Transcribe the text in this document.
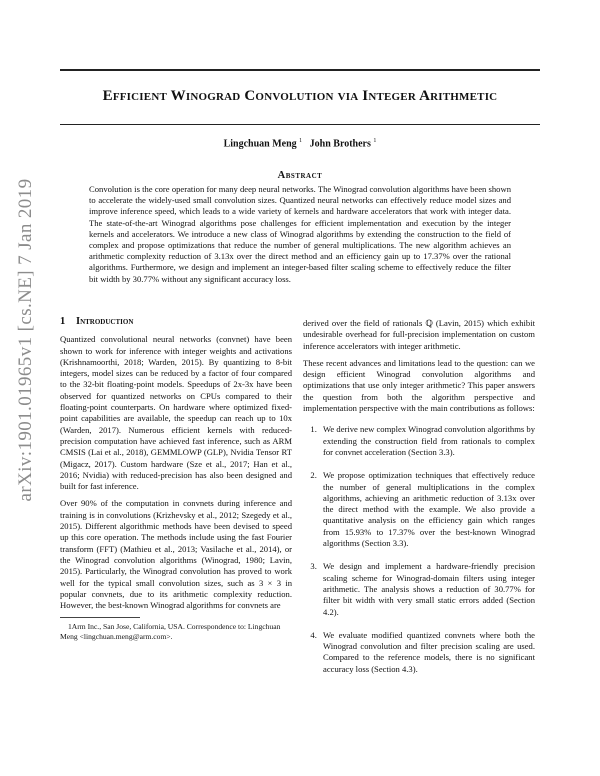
Efficient Winograd Convolution via Integer Arithmetic
arXiv:1901.01965v1 [cs.NE] 7 Jan 2019

Lingchuan Meng $^1$ John Brothers $^1$

Abstract

Convolution is the core operation for many deep neural networks. The Winograd convolution algorithms have been shown to accelerate the widely-used small convolution sizes. Quantized neural networks can effectively reduce model sizes and improve inference speed, which leads to a wide variety of kernels and hardware accelerators that work with integer data. The state-of-the-art Winograd algorithms pose challenges for efficient implementation and execution by the integer kernels and accelerators. We introduce a new class of Winograd algorithms by extending the construction to the field of complex and propose optimizations that reduce the number of general multiplications. The new algorithm achieves an arithmetic complexity reduction of 3.13x over the direct method and an efficiency gain up to 17.37% over the rational algorithms. Furthermore, we design and implement an integer-based filter scaling scheme to effectively reduce the filter bit width by 30.77% without any significant accuracy loss.

1 Introduction

Quantized convolutional neural networks (convnet) have been shown to work for inference with integer weights and activations (Krishnamoorthi, 2018; Warden, 2015). By quantizing to 8-bit integers, model sizes can be reduced by a factor of four compared to the 32-bit floating-point models. Speedups of 2x-3x have been observed for quantized networks on CPUs compared to their floating-point counterparts. On hardware where optimized fixed-point capabilities are available, the speedup can reach up to 10x (Warden, 2017). Numerous efficient kernels with reduced-precision computation have achieved fast inference, such as ARM CMSIS (Lai et al., 2018), GEMMLOWP (GLP), Nvidia Tensor RT (Migacz, 2017). Custom hardware (Sze et al., 2017; Han et al., 2016; Nvidia) with reduced-precision has also been designed and built for fast inference.

Over 90% of the computation in convnets during inference and training is in convolutions (Krizhevsky et al., 2012; Szegedy et al., 2015). Different algorithmic methods have been devised to speed up this core operation. The methods include using the fast Fourier transform (FFT) (Mathieu et al., 2013; Vasilache et al., 2014), or the Winograd convolution algorithms (Winograd, 1980; Lavin, 2015). Particularly, the Winograd convolution has proved to work well for the typical small convolution sizes, such as 3 × 3 in popular convnets, due to its arithmetic complexity reduction. However, the best-known Winograd algorithms for convnets are

1Arm Inc., San Jose, California, USA. Correspondence to: Lingchuan Meng <lingchuan.meng@arm.com>.

derived over the field of rationals ℚ (Lavin, 2015) which exhibit undesirable overhead for full-precision implementation on custom inference accelerators with integer arithmetic.

These recent advances and limitations lead to the question: can we design efficient Winograd convolution algorithms and optimizations that use only integer arithmetic? This paper answers the question from both the algorithm perspective and implementation perspective with the main contributions as follows:

1. We derive new complex Winograd convolution algorithms by extending the construction field from rationals to complex for convnet acceleration (Section 3.3).
2. We propose optimization techniques that effectively reduce the number of general multiplications in the complex algorithms, achieving an arithmetic reduction of 3.13x over the direct method with the example. We also provide a quantitative analysis on the efficiency gain which ranges from 15.93% to 17.37% over the best-known Winograd algorithms (Section 3.3).
3. We design and implement a hardware-friendly precision scaling scheme for Winograd-domain filters using integer arithmetic. The analysis shows a reduction of 30.77% for filter bit width with very small static errors added (Section 4.2).
4. We evaluate modified quantized convnets where both the Winograd convolution and filter precision scaling are used. Compared to the reference models, there is no significant accuracy loss (Section 4.3).
